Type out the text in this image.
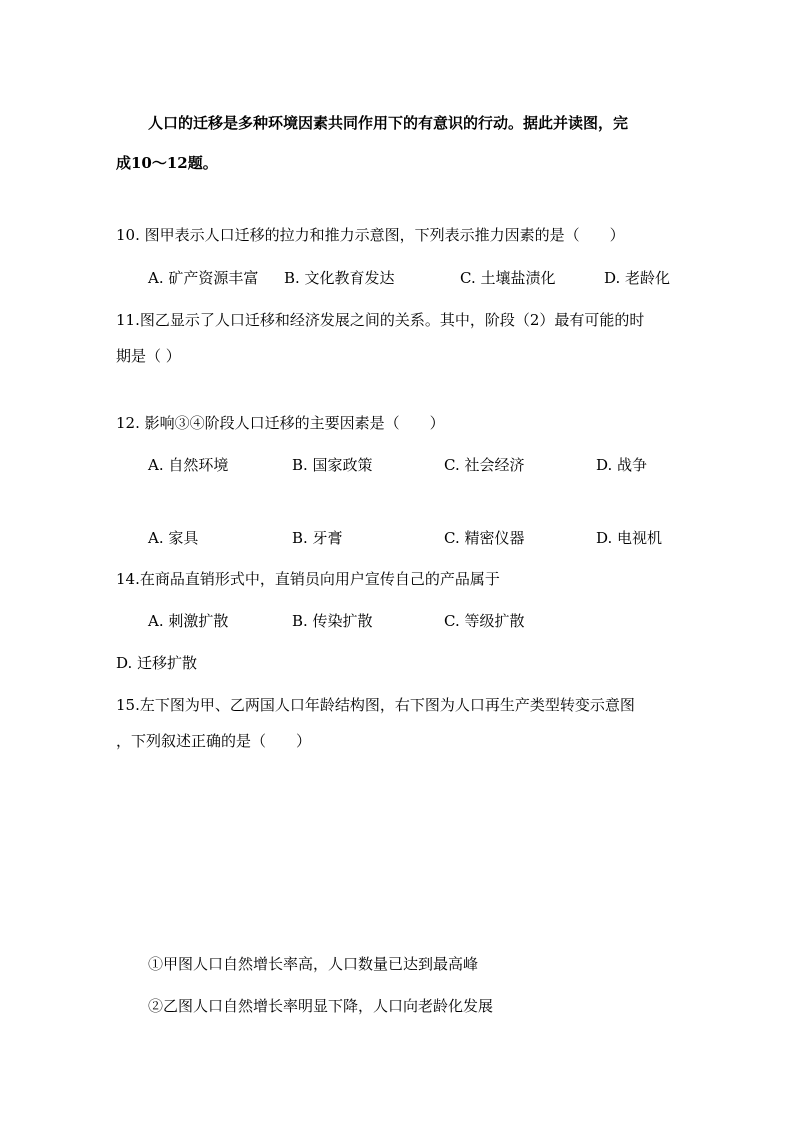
人口的迁移是多种环境因素共同作用下的有意识的行动。据此并读图，完
成10～12题。
10. 图甲表示人口迁移的拉力和推力示意图，下列表示推力因素的是（　　）
A. 矿产资源丰富 B. 文化教育发达	C. 土壤盐渍化	D. 老龄化
11.图乙显示了人口迁移和经济发展之间的关系。其中，阶段（2）最有可能的时
期是（ ）
12. 影响③④阶段人口迁移的主要因素是（　　）
A. 自然环境	B. 国家政策	C. 社会经济	D. 战争
A. 家具	B. 牙膏	C. 精密仪器	D. 电视机
14.在商品直销形式中，直销员向用户宣传自己的产品属于
A. 刺激扩散	B. 传染扩散	C. 等级扩散
D. 迁移扩散
15.左下图为甲、乙两国人口年龄结构图，右下图为人口再生产类型转变示意图
，下列叙述正确的是（　　）
①甲图人口自然增长率高，人口数量已达到最高峰
②乙图人口自然增长率明显下降，人口向老龄化发展
